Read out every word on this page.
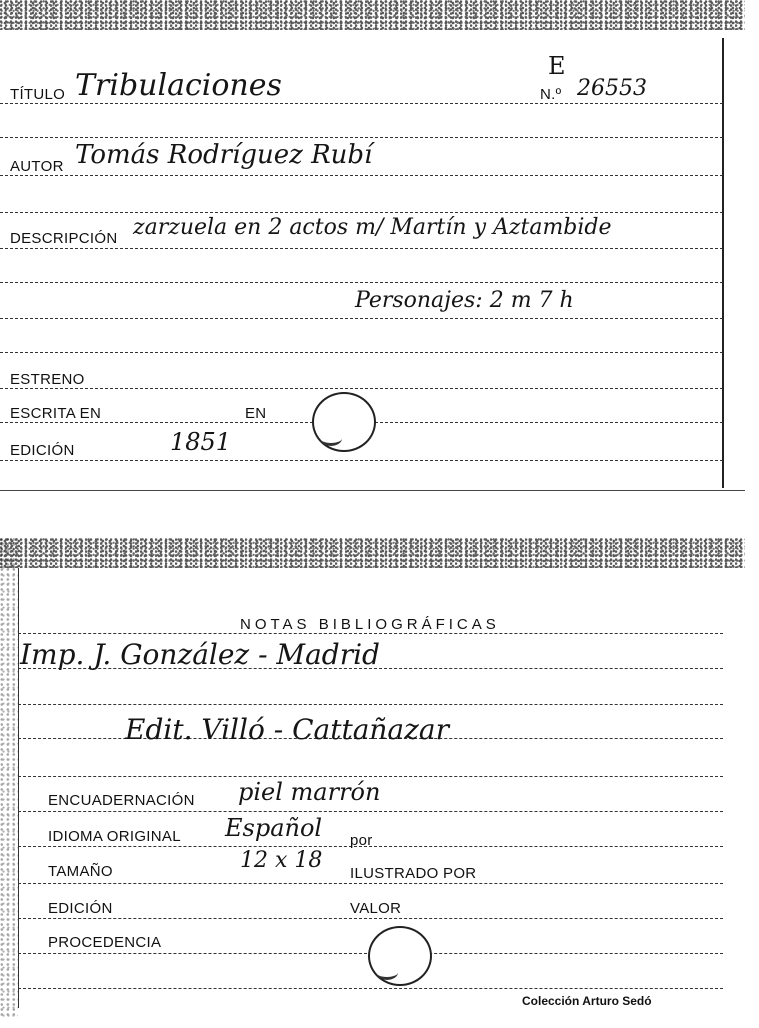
TÍTULO Tribulaciones
E
N.º 26553
AUTOR Tomás Rodríguez Rubí
DESCRIPCIÓN zarzuela en 2 actos m/ Martín y Aztambide
Personajes: 2 m 7 h
ESTRENO
ESCRITA EN	EN
EDICIÓN	1851
NOTAS BIBLIOGRÁFICAS
Imp. J. González - Madrid
Edit. Villó - Cattañazar
ENCUADERNACIÓN piel marrón
IDIOMA ORIGINAL Español por
TAMAÑO	12 x 18
ILUSTRADO POR
EDICIÓN	VALOR
PROCEDENCIA
Colección Arturo Sedó
